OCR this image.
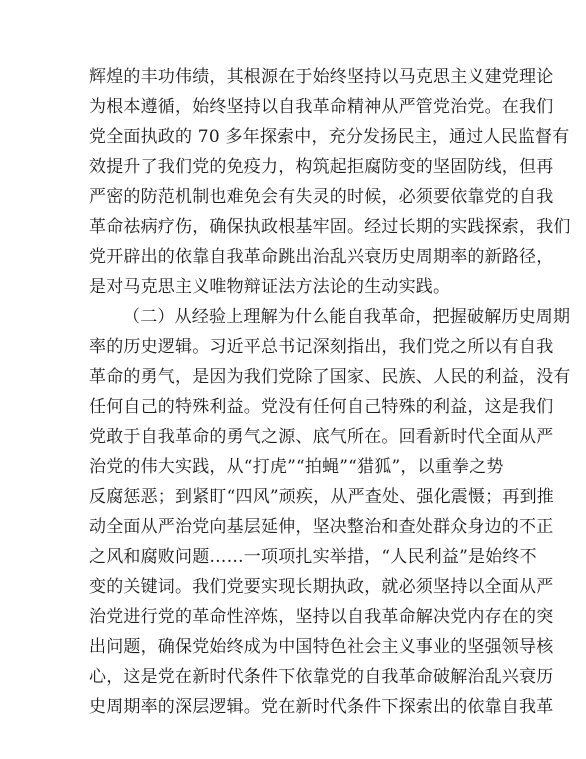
辉煌的丰功伟绩，其根源在于始终坚持以马克思主义建党理论
为根本遵循，始终坚持以自我革命精神从严管党治党。在我们
党全面执政的 70 多年探索中，充分发扬民主，通过人民监督有
效提升了我们党的免疫力，构筑起拒腐防变的坚固防线，但再
严密的防范机制也难免会有失灵的时候，必须要依靠党的自我
革命祛病疗伤，确保执政根基牢固。经过长期的实践探索，我们
党开辟出的依靠自我革命跳出治乱兴衰历史周期率的新路径，
是对马克思主义唯物辩证法方法论的生动实践。
（二）从经验上理解为什么能自我革命，把握破解历史周期
率的历史逻辑。习近平总书记深刻指出，我们党之所以有自我
革命的勇气，是因为我们党除了国家、民族、人民的利益，没有
任何自己的特殊利益。党没有任何自己特殊的利益，这是我们
党敢于自我革命的勇气之源、底气所在。回看新时代全面从严
治党的伟大实践，从“打虎”“拍蝇”“猎狐”，以重拳之势
反腐惩恶；到紧盯“四风”顽疾，从严查处、强化震慑；再到推
动全面从严治党向基层延伸，坚决整治和查处群众身边的不正
之风和腐败问题……一项项扎实举措，“人民利益”是始终不
变的关键词。我们党要实现长期执政，就必须坚持以全面从严
治党进行党的革命性淬炼，坚持以自我革命解决党内存在的突
出问题，确保党始终成为中国特色社会主义事业的坚强领导核
心，这是党在新时代条件下依靠党的自我革命破解治乱兴衰历
史周期率的深层逻辑。党在新时代条件下探索出的依靠自我革
